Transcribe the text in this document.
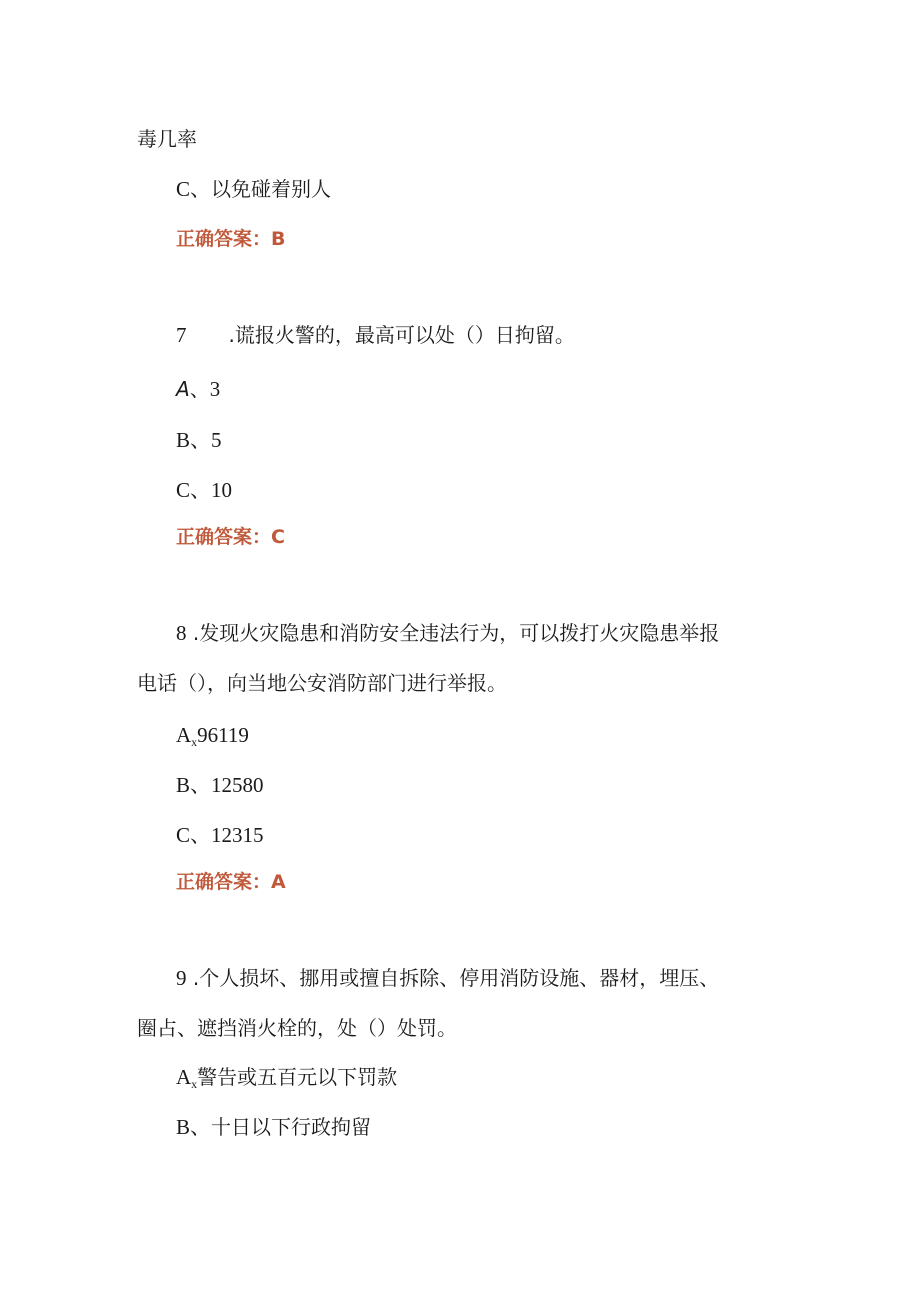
毒几率
C、以免碰着别人
正确答案：B
7 .谎报火警的，最高可以处（）日拘留。
A、3
B、5
C、10
正确答案：C
8 .发现火灾隐患和消防安全违法行为，可以拨打火灾隐患举报
电话（），向当地公安消防部门进行举报。
$A_x96119$
B、12580
C、12315
正确答案：A
9 .个人损坏、挪用或擅自拆除、停用消防设施、器材，埋压、
圈占、遮挡消火栓的，处（）处罚。
$A_x$警告或五百元以下罚款
B、十日以下行政拘留
